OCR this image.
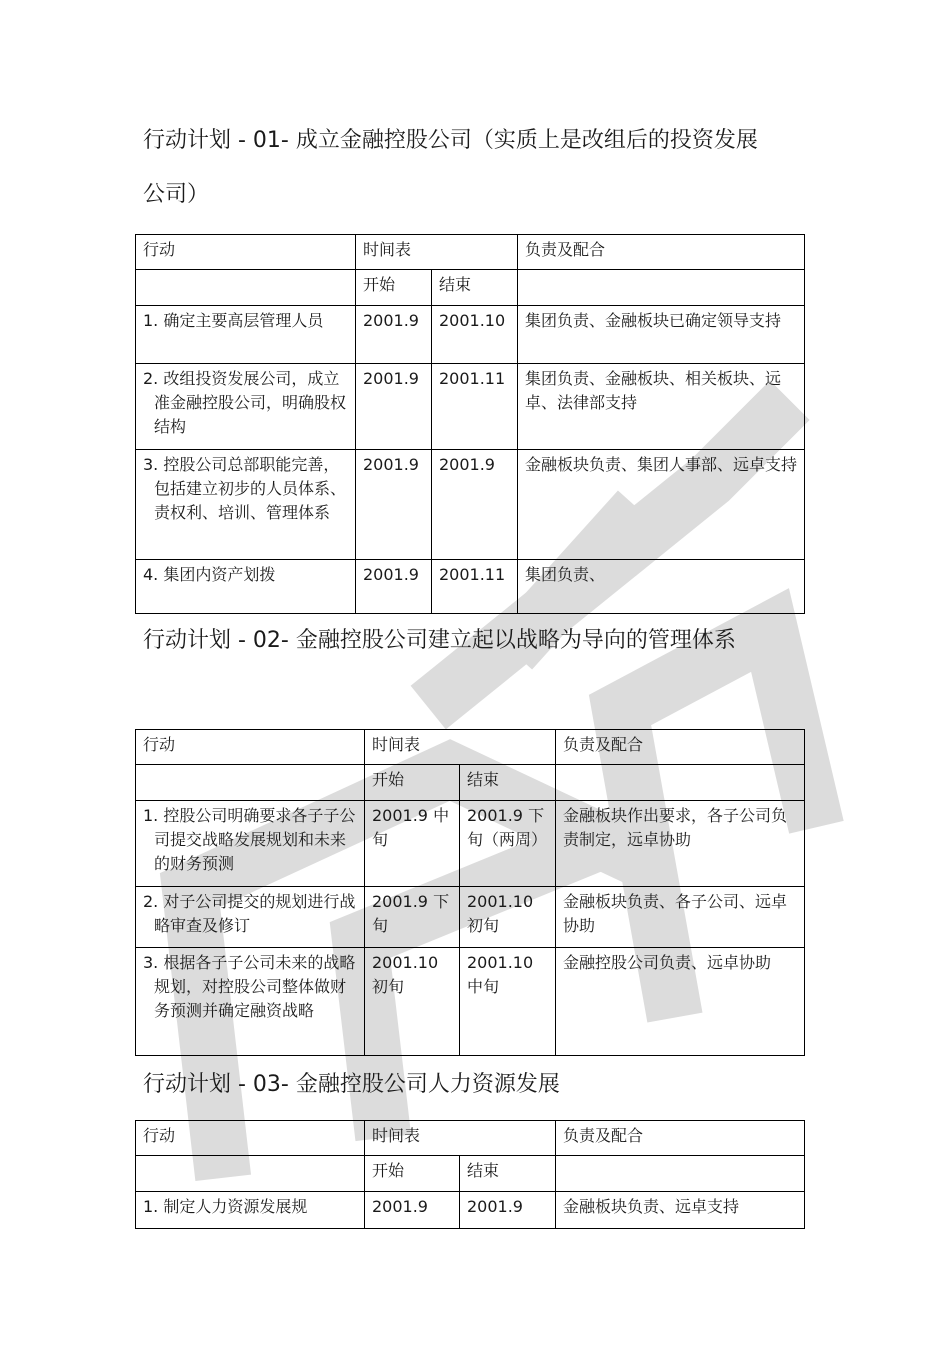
行动计划 - 01- 成立金融控股公司（实质上是改组后的投资发展公司）
行动	时间表		负责及配合
	开始	结束	
1. 确定主要高层管理人员	2001.9	2001.10	集团负责、金融板块已确定领导支持
2. 改组投资发展公司，成立准金融控股公司，明确股权结构	2001.9	2001.11	集团负责、金融板块、相关板块、远卓、法律部支持
3. 控股公司总部职能完善，包括建立初步的人员体系、责权利、培训、管理体系	2001.9	2001.9	金融板块负责、集团人事部、远卓支持
4. 集团内资产划拨	2001.9	2001.11	集团负责、
行动计划 - 02- 金融控股公司建立起以战略为导向的管理体系
行动	时间表		负责及配合
	开始	结束	
1. 控股公司明确要求各子子公司提交战略发展规划和未来的财务预测	2001.9 中旬	2001.9 下旬（两周）	金融板块作出要求，各子公司负责制定，远卓协助
2. 对子公司提交的规划进行战略审查及修订	2001.9 下旬	2001.10 初旬	金融板块负责、各子公司、远卓协助
3. 根据各子子公司未来的战略规划，对控股公司整体做财务预测并确定融资战略	2001.10 初旬	2001.10 中旬	金融控股公司负责、远卓协助
行动计划 - 03- 金融控股公司人力资源发展
行动	时间表		负责及配合
	开始	结束	
1. 制定人力资源发展规	2001.9	2001.9	金融板块负责、远卓支持
